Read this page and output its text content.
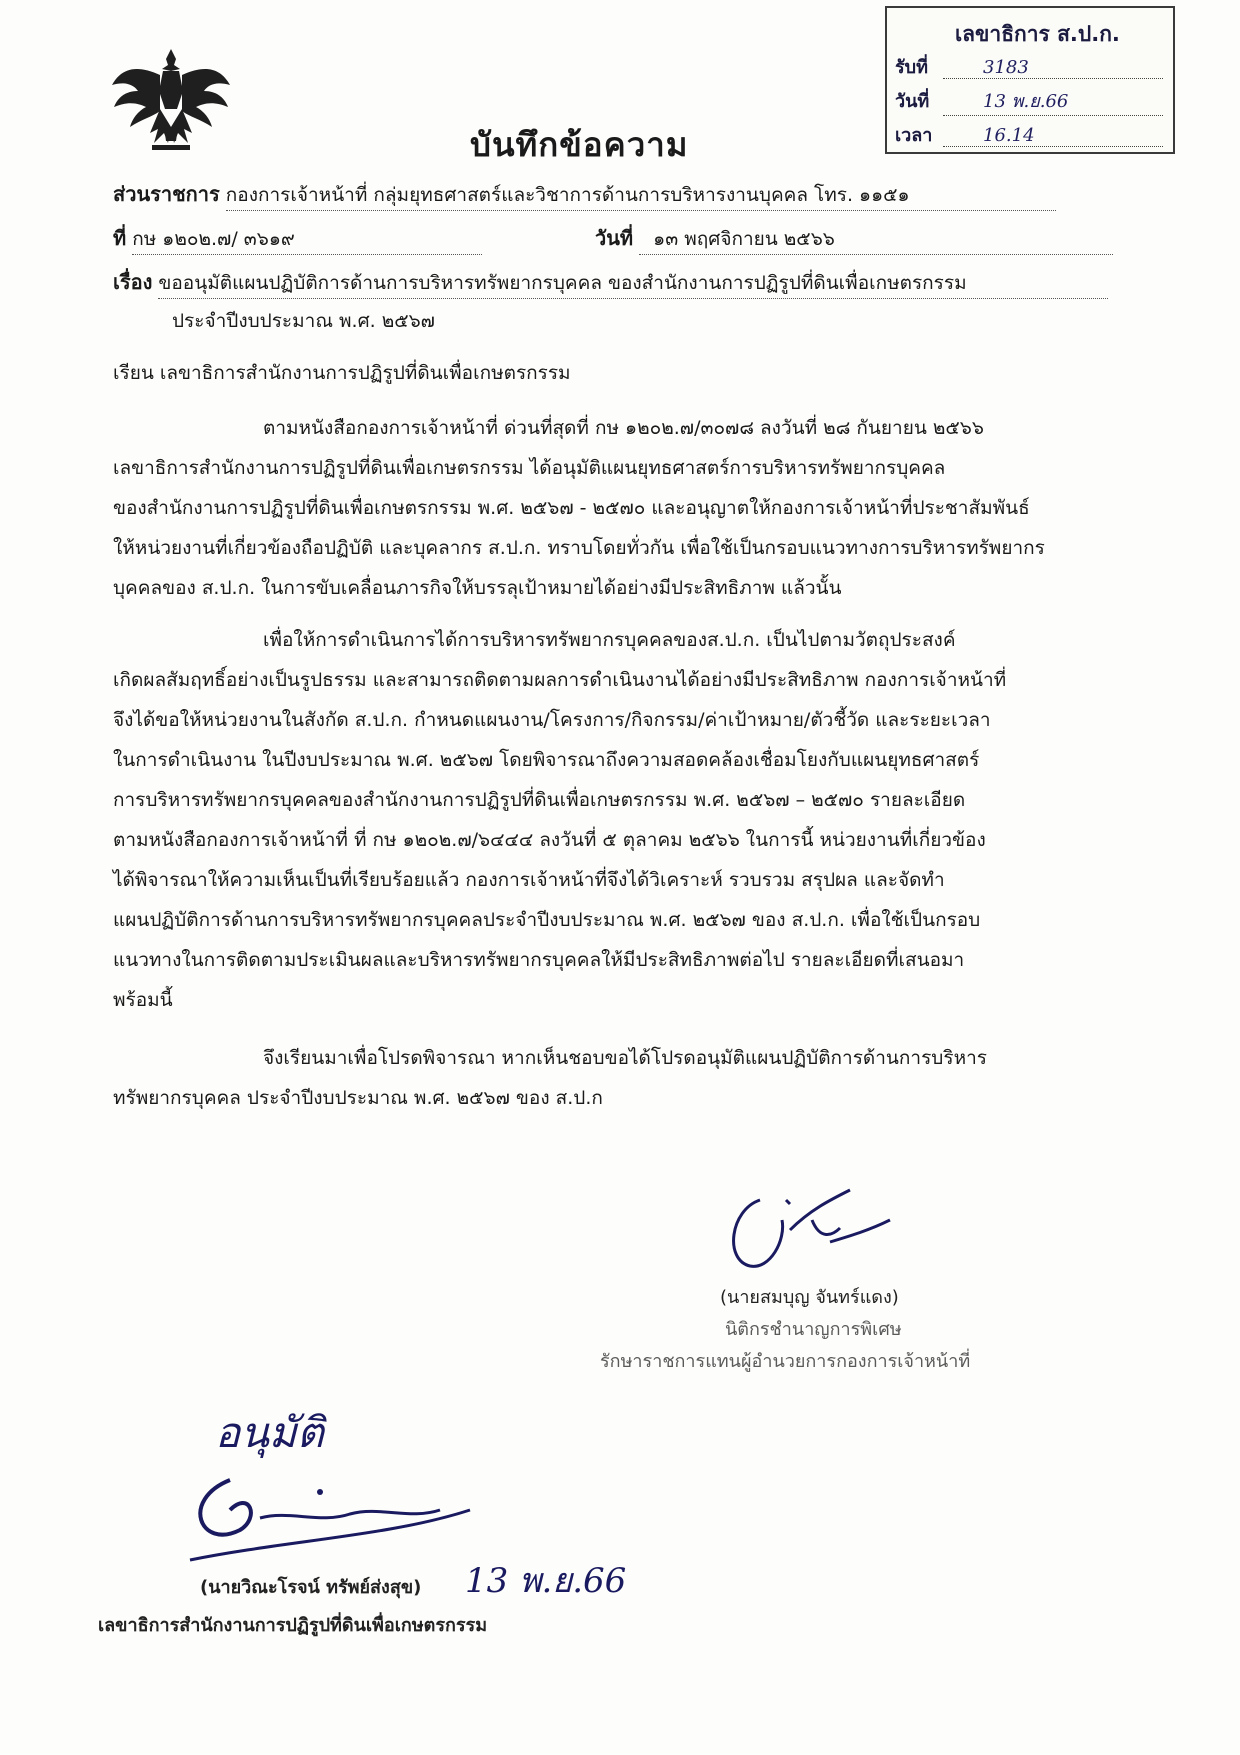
เลขาธิการ ส.ป.ก.
รับที่	3183
วันที่	13 พ.ย.66
เวลา	16.14
บันทึกข้อความ
ส่วนราชการ กองการเจ้าหน้าที่ กลุ่มยุทธศาสตร์และวิชาการด้านการบริหารงานบุคคล โทร. ๑๑๕๑
ที่ กษ ๑๒๐๒.๗/ ๓๖๑๙	วันที่ ๑๓ พฤศจิกายน ๒๕๖๖
เรื่อง ขออนุมัติแผนปฏิบัติการด้านการบริหารทรัพยากรบุคคล ของสำนักงานการปฏิรูปที่ดินเพื่อเกษตรกรรม
ประจำปีงบประมาณ พ.ศ. ๒๕๖๗
เรียน เลขาธิการสำนักงานการปฏิรูปที่ดินเพื่อเกษตรกรรม
ตามหนังสือกองการเจ้าหน้าที่ ด่วนที่สุดที่ กษ ๑๒๐๒.๗/๓๐๗๘ ลงวันที่ ๒๘ กันยายน ๒๕๖๖
เลขาธิการสำนักงานการปฏิรูปที่ดินเพื่อเกษตรกรรม ได้อนุมัติแผนยุทธศาสตร์การบริหารทรัพยากรบุคคล
ของสำนักงานการปฏิรูปที่ดินเพื่อเกษตรกรรม พ.ศ. ๒๕๖๗ - ๒๕๗๐ และอนุญาตให้กองการเจ้าหน้าที่ประชาสัมพันธ์
ให้หน่วยงานที่เกี่ยวข้องถือปฏิบัติ และบุคลากร ส.ป.ก. ทราบโดยทั่วกัน เพื่อใช้เป็นกรอบแนวทางการบริหารทรัพยากร
บุคคลของ ส.ป.ก. ในการขับเคลื่อนภารกิจให้บรรลุเป้าหมายได้อย่างมีประสิทธิภาพ แล้วนั้น
เพื่อให้การดำเนินการได้การบริหารทรัพยากรบุคคลของส.ป.ก. เป็นไปตามวัตถุประสงค์
เกิดผลสัมฤทธิ์อย่างเป็นรูปธรรม และสามารถติดตามผลการดำเนินงานได้อย่างมีประสิทธิภาพ กองการเจ้าหน้าที่
จึงได้ขอให้หน่วยงานในสังกัด ส.ป.ก. กำหนดแผนงาน/โครงการ/กิจกรรม/ค่าเป้าหมาย/ตัวชี้วัด และระยะเวลา
ในการดำเนินงาน ในปีงบประมาณ พ.ศ. ๒๕๖๗ โดยพิจารณาถึงความสอดคล้องเชื่อมโยงกับแผนยุทธศาสตร์
การบริหารทรัพยากรบุคคลของสำนักงานการปฏิรูปที่ดินเพื่อเกษตรกรรม พ.ศ. ๒๕๖๗ – ๒๕๗๐ รายละเอียด
ตามหนังสือกองการเจ้าหน้าที่ ที่ กษ ๑๒๐๒.๗/๖๔๔๔ ลงวันที่ ๕ ตุลาคม ๒๕๖๖ ในการนี้ หน่วยงานที่เกี่ยวข้อง
ได้พิจารณาให้ความเห็นเป็นที่เรียบร้อยแล้ว กองการเจ้าหน้าที่จึงได้วิเคราะห์ รวบรวม สรุปผล และจัดทำ
แผนปฏิบัติการด้านการบริหารทรัพยากรบุคคลประจำปีงบประมาณ พ.ศ. ๒๕๖๗ ของ ส.ป.ก. เพื่อใช้เป็นกรอบ
แนวทางในการติดตามประเมินผลและบริหารทรัพยากรบุคคลให้มีประสิทธิภาพต่อไป รายละเอียดที่เสนอมา
พร้อมนี้
จึงเรียนมาเพื่อโปรดพิจารณา หากเห็นชอบขอได้โปรดอนุมัติแผนปฏิบัติการด้านการบริหาร
ทรัพยากรบุคคล ประจำปีงบประมาณ พ.ศ. ๒๕๖๗ ของ ส.ป.ก
(นายสมบุญ จันทร์แดง)
นิติกรชำนาญการพิเศษ
รักษาราชการแทนผู้อำนวยการกองการเจ้าหน้าที่
อนุมัติ
(นายวิณะโรจน์ ทรัพย์ส่งสุข) 13 พ.ย.66
เลขาธิการสำนักงานการปฏิรูปที่ดินเพื่อเกษตรกรรม
